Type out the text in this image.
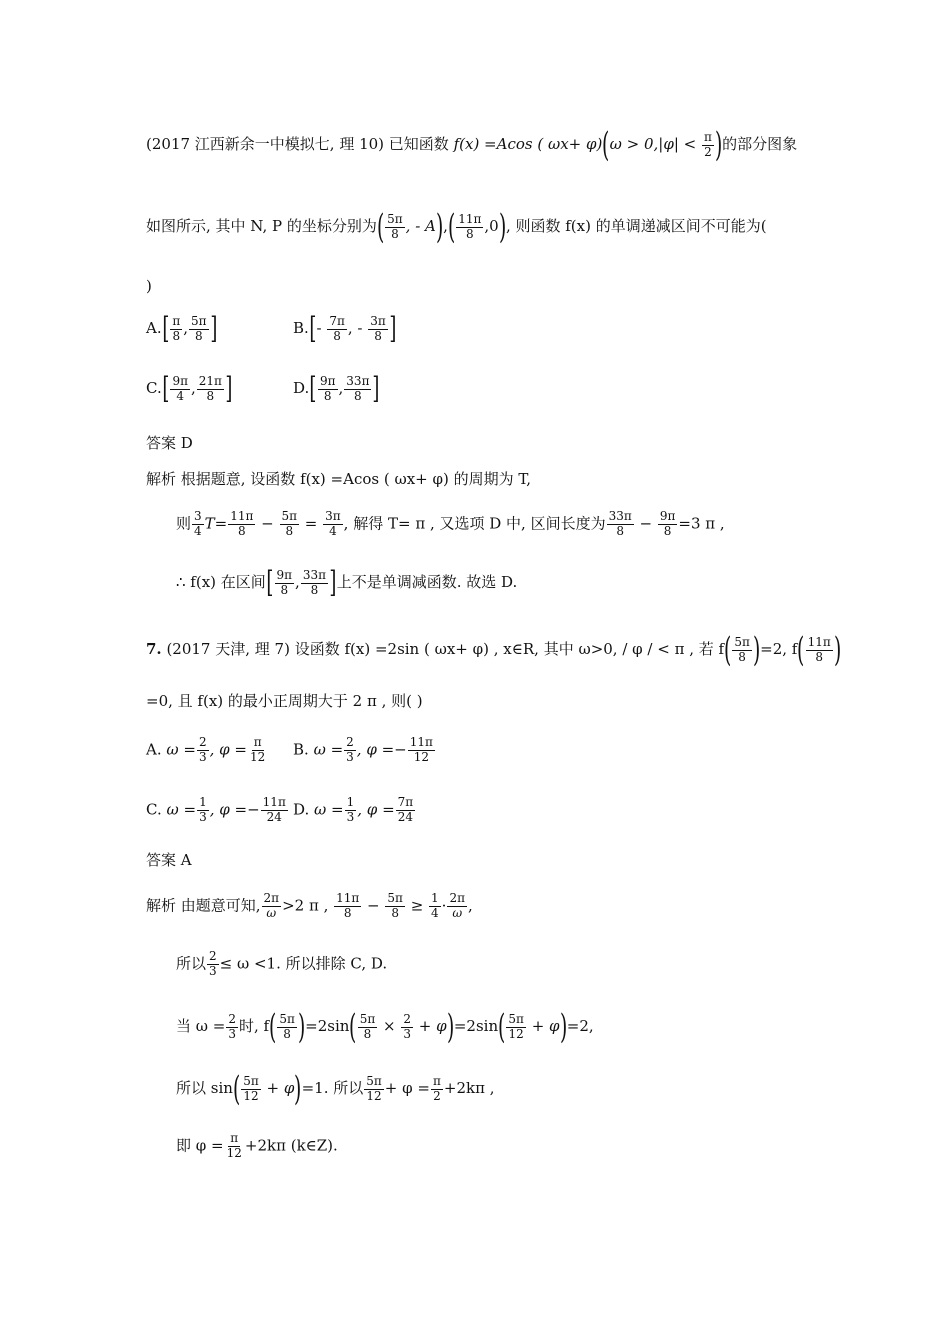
(2017 江西新余一中模拟七, 理 10) 已知函数 f(x) =Acos ( $\omega x+ \varphi)(\omega > 0,|\varphi| < \frac{\pi}{2}$ )的部分图象
如图所示, 其中 N, P 的坐标分别为( $\frac{5\pi}{8}$ , - $A),( \frac{11\pi}{8} ,0)$, 则函数 f(x) 的单调递减区间不可能为(
)
$A.[ \frac{\pi}{8}$ , $\frac{5\pi}{8}$ ]	$B.[- \frac{7\pi}{8}$ , - $\frac{3\pi}{8}$ ]
$C.[ \frac{9\pi}{4}$ , $\frac{21\pi}{8}$ ]	$D.[ \frac{9\pi}{8}$ , $\frac{33\pi}{8}$ ]
答案 D
解析 根据题意, 设函数 f(x) =Acos ( ωx+ φ) 的周期为 T,
则 $\frac{3}{4} T= \frac{11\pi}{8} - \frac{5\pi}{8} = \frac{3\pi}{4}$ , 解得 T= π , 又选项 D 中, 区间长度为 $\frac{33\pi}{8} - \frac{9\pi}{8} =3$ π ,
∴ f(x) 在区间[ $\frac{9\pi}{8}$ , $\frac{33\pi}{8}$ ]上不是单调减函数. 故选 D.
7. (2017 天津, 理 7) 设函数 f(x) =2sin ( ωx+ φ) , x∈R, 其中 ω>0, / φ / < π , 若 $f( \frac{5\pi}{8} )=2$, $f( \frac{11\pi}{8}$ )
=0, 且 f(x) 的最小正周期大于 2 π , 则( )
A. $\omega = \frac{2}{3}$ , $\varphi = \frac{\pi}{12} B$. $\omega = \frac{2}{3}$ , $\varphi =- \frac{11\pi}{12}$
C. $\omega = \frac{1}{3}$ , $\varphi =- \frac{11\pi}{24} D$. $\omega = \frac{1}{3}$ , $\varphi = \frac{7\pi}{24}$
答案 A
解析 由题意可知, $\frac{2\pi}{\omega} >2$ π , $\frac{11\pi}{8} - \frac{5\pi}{8} \ge \frac{1}{4} \cdot \frac{2\pi}{\omega}$ ,
所以 $\frac{2}{3} \le \omega <1$. 所以排除 C, D.
当 $\omega = \frac{2}{3}$ 时, $f( \frac{5\pi}{8} )=2\sin( \frac{5\pi}{8} \times \frac{2}{3} + \varphi)=2\sin( \frac{5\pi}{12} + \varphi)=2$,
所以 $\sin( \frac{5\pi}{12} + \varphi)=1$. 所以 $\frac{5\pi}{12} + \varphi = \frac{\pi}{2} +2k\pi$ ,
即 $\varphi = \frac{\pi}{12} +2k\pi$ (k∈Z).
